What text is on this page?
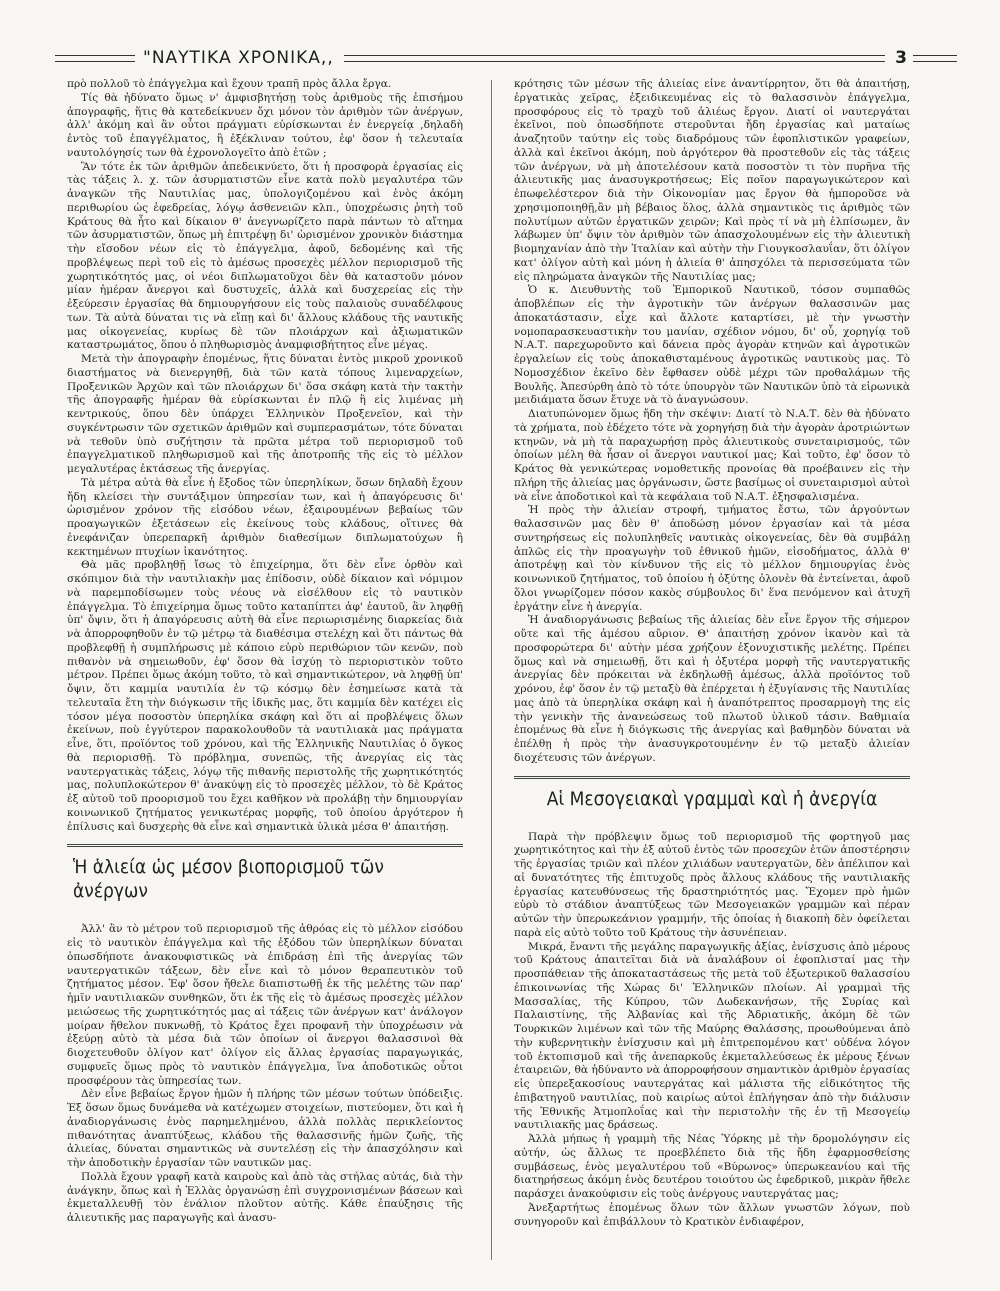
"ΝΑΥΤΙΚΑ ΧΡΟΝΙΚΑ,,	3

πρὸ πολλοῦ τὸ ἐπάγγελμα καὶ ἔχουν τραπῆ πρὸς ἄλλα ἔργα.

Τίς θὰ ἠδύνατο ὅμως ν' ἀμφισβητήσῃ τοὺς ἀριθμοὺς τῆς ἐπισήμου ἀπογραφῆς, ἥτις θὰ κατεδείκνυεν ὄχι μόνον τὸν ἀριθμὸν τῶν ἀνέργων, ἀλλ' ἀκόμη καὶ ἂν οὗτοι πράγματι εὑρίσκωνται ἐν ἐνεργείᾳ ,δηλαδὴ ἐντὸς τοῦ ἐπαγγέλματος, ἢ ἐξέκλιναν τούτου, ἐφ' ὅσον ἡ τελευταία ναυτολόγησίς των θὰ ἐχρονολογεῖτο ἀπὸ ἐτῶν ;

Ἂν τότε ἐκ τῶν ἀριθμῶν ἀπεδεικνύετο, ὅτι ἡ προσφορὰ ἐργασίας εἰς τὰς τάξεις λ. χ. τῶν ἀσυρματιστῶν εἶνε κατὰ πολὺ μεγαλυτέρα τῶν ἀναγκῶν τῆς Ναυτιλίας μας, ὑπολογιζομένου καὶ ἑνὸς ἀκόμη περιθωρίου ὡς ἐφεδρείας, λόγῳ ἀσθενειῶν κλπ., ὑποχρέωσις ῥητὴ τοῦ Κράτους θὰ ἦτο καὶ δίκαιον θ' ἀνεγνωρίζετο παρὰ πάντων τὸ αἴτημα τῶν ἀσυρματιστῶν, ὅπως μὴ ἐπιτρέψῃ δι' ὡρισμένον χρονικὸν διάστημα τὴν εἴσοδον νέων εἰς τὸ ἐπάγγελμα, ἀφοῦ, δεδομένης καὶ τῆς προβλέψεως περὶ τοῦ εἰς τὸ ἀμέσως προσεχὲς μέλλον περιορισμοῦ τῆς χωρητικότητός μας, οἱ νέοι διπλωματοῦχοι δὲν θὰ καταστοῦν μόνον μίαν ἡμέραν ἄνεργοι καὶ δυστυχεῖς, ἀλλὰ καὶ δυσχερείας εἰς τὴν ἐξεύρεσιν ἐργασίας θὰ δημιουργήσουν εἰς τοὺς παλαιοὺς συναδέλφους των. Τὰ αὐτὰ δύναται τις νὰ εἴπῃ καὶ δι' ἄλλους κλάδους τῆς ναυτικῆς μας οἰκογενείας, κυρίως δὲ τῶν πλοιάρχων καὶ ἀξιωματικῶν καταστρωμάτος, ὅπου ὁ πληθωρισμὸς ἀναμφισβήτητος εἶνε μέγας.

Μετὰ τὴν ἀπογραφὴν ἑπομένως, ἥτις δύναται ἐντὸς μικροῦ χρονικοῦ διαστήματος νὰ διενεργηθῇ, διὰ τῶν κατὰ τόπους λιμεναρχείων, Προξενικῶν Ἀρχῶν καὶ τῶν πλοιάρχων δι' ὅσα σκάφη κατὰ τὴν τακτὴν τῆς ἀπογραφῆς ἡμέραν θὰ εὑρίσκωνται ἐν πλῷ ἢ εἰς λιμένας μὴ κεντρικούς, ὅπου δὲν ὑπάρχει Ἑλληνικὸν Προξενεῖον, καὶ τὴν συγκέντρωσιν τῶν σχετικῶν ἀριθμῶν καὶ συμπερασμάτων, τότε δύναται νὰ τεθοῦν ὑπὸ συζήτησιν τὰ πρῶτα μέτρα τοῦ περιορισμοῦ τοῦ ἐπαγγελματικοῦ πληθωρισμοῦ καὶ τῆς ἀποτροπῆς τῆς εἰς τὸ μέλλον μεγαλυτέρας ἐκτάσεως τῆς ἀνεργίας.

Τὰ μέτρα αὐτὰ θὰ εἶνε ἡ ἔξοδος τῶν ὑπερηλίκων, ὅσων δηλαδὴ ἔχουν ἤδη κλείσει τὴν συντάξιμον ὑπηρεσίαν των, καὶ ἡ ἀπαγόρευσις δι' ὡρισμένον χρόνον τῆς εἰσόδου νέων, ἐξαιρουμένων βεβαίως τῶν προαγωγικῶν ἐξετάσεων εἰς ἐκείνους τοὺς κλάδους, οἵτινες θὰ ἐνεφάνιζαν ὑπερεπαρκῆ ἀριθμὸν διαθεσίμων διπλωματούχων ἢ κεκτημένων πτυχίων ἱκανότητος.

Θὰ μᾶς προβληθῇ ἴσως τὸ ἐπιχείρημα, ὅτι δὲν εἶνε ὀρθὸν καὶ σκόπιμον διὰ τὴν ναυτιλιακὴν μας ἐπίδοσιν, οὐδὲ δίκαιον καὶ νόμιμον νὰ παρεμποδίσωμεν τοὺς νέους νὰ εἰσέλθουν εἰς τὸ ναυτικὸν ἐπάγγελμα. Τὸ ἐπιχείρημα ὅμως τοῦτο καταπίπτει ἀφ' ἑαυτοῦ, ἂν ληφθῇ ὑπ' ὄψιν, ὅτι ἡ ἀπαγόρευσις αὐτὴ θὰ εἶνε περιωρισμένης διαρκείας διὰ νὰ ἀπορροφηθοῦν ἐν τῷ μέτρῳ τὰ διαθέσιμα στελέχη καὶ ὅτι πάντως θὰ προβλεφθῇ ἡ συμπλήρωσις μὲ κάποιο εὐρὺ περιθώριον τῶν κενῶν, ποὺ πιθανὸν νὰ σημειωθοῦν, ἐφ' ὅσον θὰ ἰσχύῃ τὸ περιοριστικὸν τοῦτο μέτρον. Πρέπει ὅμως ἀκόμη τοῦτο, τὸ καὶ σημαντικώτερον, νὰ ληφθῇ ὑπ' ὄψιν, ὅτι καμμία ναυτιλία ἐν τῷ κόσμῳ δὲν ἐσημείωσε κατὰ τὰ τελευταῖα ἔτη τὴν διόγκωσιν τῆς ἰδικῆς μας, ὅτι καμμία δὲν κατέχει εἰς τόσον μέγα ποσοστὸν ὑπερηλίκα σκάφη καὶ ὅτι αἱ προβλέψεις ὅλων ἐκείνων, ποὺ ἐγγύτερον παρακολουθοῦν τὰ ναυτιλιακὰ μας πράγματα εἶνε, ὅτι, προϊόντος τοῦ χρόνου, καὶ τῆς Ἑλληνικῆς Ναυτιλίας ὁ ὄγκος θὰ περιορισθῇ. Τὸ πρόβλημα, συνεπῶς, τῆς ἀνεργίας εἰς τὰς ναυτεργατικὰς τάξεις, λόγῳ τῆς πιθανῆς περιστολῆς τῆς χωρητικότητός μας, πολυπλοκώτερον θ' ἀνακύψῃ εἰς τὸ προσεχὲς μέλλον, τὸ δὲ Κράτος ἐξ αὐτοῦ τοῦ προορισμοῦ του ἔχει καθῆκον νὰ προλάβῃ τὴν δημιουργίαν κοινωνικοῦ ζητήματος γενικωτέρας μορφῆς, τοῦ ὁποίου ἀργότερον ἡ ἐπίλυσις καὶ δυσχερὴς θὰ εἶνε καὶ σημαντικὰ ὑλικὰ μέσα θ' ἀπαιτήσῃ.

Ἡ ἁλιεία ὡς μέσον βιοπορισμοῦ τῶν ἀνέργων

Ἀλλ' ἂν τὸ μέτρον τοῦ περιορισμοῦ τῆς ἀθρόας εἰς τὸ μέλλον εἰσόδου εἰς τὸ ναυτικὸν ἐπάγγελμα καὶ τῆς ἐξόδου τῶν ὑπερηλίκων δύναται ὁπωσδήποτε ἀνακουφιστικῶς νὰ ἐπιδράσῃ ἐπὶ τῆς ἀνεργίας τῶν ναυτεργατικῶν τάξεων, δὲν εἶνε καὶ τὸ μόνον θεραπευτικὸν τοῦ ζητήματος μέσον. Ἐφ' ὅσον ἤθελε διαπιστωθῇ ἐκ τῆς μελέτης τῶν παρ' ἡμῖν ναυτιλιακῶν συνθηκῶν, ὅτι ἐκ τῆς εἰς τὸ ἀμέσως προσεχὲς μέλλον μειώσεως τῆς χωρητικότητός μας αἱ τάξεις τῶν ἀνέργων κατ' ἀνάλογον μοίραν ἤθελον πυκνωθῇ, τὸ Κράτος ἔχει προφανῆ τὴν ὑποχρέωσιν νὰ ἐξεύρῃ αὐτὸ τὰ μέσα διὰ τῶν ὁποίων οἱ ἄνεργοι θαλασσινοὶ θὰ διοχετευθοῦν ὀλίγον κατ' ὀλίγον εἰς ἄλλας ἐργασίας παραγωγικάς, συμφυεῖς ὅμως πρὸς τὸ ναυτικὸν ἐπάγγελμα, ἵνα ἀποδοτικῶς οὗτοι προσφέρουν τὰς ὑπηρεσίας των.

Δὲν εἶνε βεβαίως ἔργον ἡμῶν ἡ πλήρης τῶν μέσων τούτων ὑπόδειξις. Ἐξ ὅσων ὅμως δυνάμεθα νὰ κατέχωμεν στοιχείων, πιστεύομεν, ὅτι καὶ ἡ ἀναδιοργάνωσις ἑνὸς παρημελημένου, ἀλλὰ πολλὰς περικλείοντος πιθανότητας ἀναπτύξεως, κλάδου τῆς θαλασσινῆς ἡμῶν ζωῆς, τῆς ἁλιείας, δύναται σημαντικῶς νὰ συντελέσῃ εἰς τὴν ἀπασχόλησιν καὶ τὴν ἀποδοτικὴν ἐργασίαν τῶν ναυτικῶν μας.

Πολλὰ ἔχουν γραφῆ κατὰ καιροὺς καὶ ἀπὸ τὰς στήλας αὐτάς, διὰ τὴν ἀνάγκην, ὅπως καὶ ἡ Ἑλλὰς ὀργανώσῃ ἐπὶ συγχρονισμένων βάσεων καὶ ἐκμεταλλευθῇ τὸν ἐνάλιον πλοῦτον αὐτῆς. Κάθε ἐπαύξησις τῆς ἁλιευτικῆς μας παραγωγῆς καὶ ἀνασυ-

κρότησις τῶν μέσων τῆς ἁλιείας εἶνε ἀναντίρρητον, ὅτι θὰ ἀπαιτήσῃ, ἐργατικὰς χεῖρας, ἐξειδικευμένας εἰς τὸ θαλασσινὸν ἐπάγγελμα, προσφόρους εἰς τὸ τραχὺ τοῦ ἁλιέως ἔργον. Διατί οἱ ναυτεργάται ἐκεῖνοι, ποὺ ὁπωσδήποτε στεροῦνται ἤδη ἐργασίας καὶ ματαίως ἀναζητοῦν ταύτην εἰς τοὺς διαδρόμους τῶν ἐφοπλιστικῶν γραφείων, ἀλλὰ καὶ ἐκεῖνοι ἀκόμη, ποὺ ἀργότερον θὰ προστεθοῦν εἰς τὰς τάξεις τῶν ἀνέργων, νὰ μὴ ἀποτελέσουν κατὰ ποσοστὸν τι τὸν πυρῆνα τῆς ἁλιευτικῆς μας ἀνασυγκροτήσεως; Εἰς ποῖον παραγωγικώτερον καὶ ἐπωφελέστερον διὰ τὴν Οἰκονομίαν μας ἔργον θὰ ἠμποροῦσε νὰ χρησιμοποιηθῇ,ἂν μὴ βέβαιος ὅλος, ἀλλὰ σημαντικὸς τις ἀριθμὸς τῶν πολυτίμων αὐτῶν ἐργατικῶν χειρῶν; Καὶ πρὸς τί νὰ μὴ ἐλπίσωμεν, ἂν λάβωμεν ὑπ' ὄψιν τὸν ἀριθμὸν τῶν ἀπασχολουμένων εἰς τὴν ἁλιευτικὴ βιομηχανίαν ἀπὸ τὴν Ἰταλίαν καὶ αὐτὴν τὴν Γιουγκοσλαυΐαν, ὅτι ὀλίγον κατ' ὀλίγον αὐτὴ καὶ μόνη ἡ ἁλιεία θ' ἀπησχόλει τὰ περισσεύματα τῶν εἰς πληρώματα ἀναγκῶν τῆς Ναυτιλίας μας;

Ὁ κ. Διευθυντὴς τοῦ Ἐμπορικοῦ Ναυτικοῦ, τόσον συμπαθῶς ἀποβλέπων εἰς τὴν ἀγροτικὴν τῶν ἀνέργων θαλασσινῶν μας ἀποκατάστασιν, εἶχε καὶ ἄλλοτε καταρτίσει, μὲ τὴν γνωστὴν νομοπαρασκευαστικὴν του μανίαν, σχέδιον νόμου, δι' οὗ, χορηγίᾳ τοῦ Ν.Α.Τ. παρεχωροῦντο καὶ δάνεια πρὸς ἀγορὰν κτηνῶν καὶ ἀγροτικῶν ἐργαλείων εἰς τοὺς ἀποκαθισταμένους ἀγροτικῶς ναυτικοὺς μας. Τὸ Νομοσχέδιον ἐκεῖνο δὲν ἔφθασεν οὐδὲ μέχρι τῶν προθαλάμων τῆς Βουλῆς. Ἀπεσύρθη ἀπὸ τὸ τότε ὑπουργὸν τῶν Ναυτικῶν ὑπὸ τὰ εἰρωνικὰ μειδιάματα ὅσων ἔτυχε νὰ τὸ ἀναγνώσουν.

Διατυπώνομεν ὅμως ἤδη τὴν σκέψιν: Διατί τὸ Ν.Α.Τ. δὲν θὰ ἠδύνατο τὰ χρήματα, ποὺ ἐδέχετο τότε νὰ χορηγήσῃ διὰ τὴν ἀγορὰν ἀροτριώντων κτηνῶν, νὰ μὴ τὰ παραχωρήσῃ πρὸς ἁλιευτικοὺς συνεταιρισμούς, τῶν ὁποίων μέλη θὰ ἦσαν οἱ ἄνεργοι ναυτικοί μας; Καὶ τοῦτο, ἐφ' ὅσον τὸ Κράτος θὰ γενικώτερας νομοθετικῆς προνοίας θὰ προέβαινεν εἰς τὴν πλήρη τῆς ἁλιείας μας ὀργάνωσιν, ὥστε βασίμως οἱ συνεταιρισμοὶ αὐτοὶ νὰ εἶνε ἀποδοτικοὶ καὶ τὰ κεφάλαια τοῦ Ν.Α.Τ. ἐξησφαλισμένα.

Ἡ πρὸς τὴν ἁλιείαν στροφή, τμήματος ἔστω, τῶν ἀργούντων θαλασσινῶν μας δὲν θ' ἀποδώσῃ μόνον ἐργασίαν καὶ τὰ μέσα συντηρήσεως εἰς πολυπληθεῖς ναυτικὰς οἰκογενείας, δὲν θὰ συμβάλῃ ἁπλῶς εἰς τὴν προαγωγὴν τοῦ ἐθνικοῦ ἡμῶν, εἰσοδήματος, ἀλλὰ θ' ἀποτρέψῃ καὶ τὸν κίνδυνον τῆς εἰς τὸ μέλλον δημιουργίας ἑνὸς κοινωνικοῦ ζητήματος, τοῦ ὁποίου ἡ ὀξύτης ὁλονὲν θὰ ἐντείνεται, ἀφοῦ ὅλοι γνωρίζομεν πόσον κακὸς σύμβουλος δι' ἕνα πενόμενον καὶ ἀτυχῆ ἐργάτην εἶνε ἡ ἀνεργία.

Ἡ ἀναδιοργάνωσις βεβαίως τῆς ἁλιείας δὲν εἶνε ἔργον τῆς σήμερον οὔτε καὶ τῆς ἀμέσου αὔριον. Θ' ἀπαιτήσῃ χρόνον ἱκανὸν καὶ τὰ προσφορώτερα δι' αὐτὴν μέσα χρήζουν ἐξονυχιστικῆς μελέτης. Πρέπει ὅμως καὶ νὰ σημειωθῇ, ὅτι καὶ ἡ ὀξυτέρα μορφὴ τῆς ναυτεργατικῆς ἀνεργίας δὲν πρόκειται νὰ ἐκδηλωθῇ ἀμέσως, ἀλλὰ προϊόντος τοῦ χρόνου, ἐφ' ὅσον ἐν τῷ μεταξὺ θὰ ἐπέρχεται ἡ ἐξυγίανσις τῆς Ναυτιλίας μας ἀπὸ τὰ ὑπερηλίκα σκάφη καὶ ἡ ἀναπότρεπτος προσαρμογὴ της εἰς τὴν γενικὴν τῆς ἀνανεώσεως τοῦ πλωτοῦ ὑλικοῦ τάσιν. Βαθμιαία ἑπομένως θὰ εἶνε ἡ διόγκωσις τῆς ἀνεργίας καὶ βαθμηδὸν δύναται νὰ ἐπέλθῃ ἡ πρὸς τὴν ἀνασυγκροτουμένην ἐν τῷ μεταξὺ ἁλιείαν διοχέτευσις τῶν ἀνέργων.

Αἱ Μεσογειακαὶ γραμμαὶ καὶ ἡ ἀνεργία

Παρὰ τὴν πρόβλεψιν ὅμως τοῦ περιορισμοῦ τῆς φορτηγοῦ μας χωρητικότητος καὶ τὴν ἐξ αὐτοῦ ἐντὸς τῶν προσεχῶν ἐτῶν ἀποστέρησιν τῆς ἐργασίας τριῶν καὶ πλέον χιλιάδων ναυτεργατῶν, δὲν ἀπέλιπον καὶ αἱ δυνατότητες τῆς ἐπιτυχοῦς πρὸς ἄλλους κλάδους τῆς ναυτιλιακῆς ἐργασίας κατευθύνσεως τῆς δραστηριότητός μας. Ἔχομεν πρὸ ἡμῶν εὐρὺ τὸ στάδιον ἀναπτύξεως τῶν Μεσογειακῶν γραμμῶν καὶ πέραν αὐτῶν τὴν ὑπερωκεάνιον γραμμήν, τῆς ὁποίας ἡ διακοπὴ δὲν ὀφείλεται παρὰ εἰς αὐτὸ τοῦτο τοῦ Κράτους τὴν ἀσυνέπειαν.

Μικρά, ἔναντι τῆς μεγάλης παραγωγικῆς ἀξίας, ἐνίσχυσις ἀπὸ μέρους τοῦ Κράτους ἀπαιτεῖται διὰ νὰ ἀναλάβουν οἱ ἐφοπλισταί μας τὴν προσπάθειαν τῆς ἀποκαταστάσεως τῆς μετὰ τοῦ ἐξωτερικοῦ θαλασσίου ἐπικοινωνίας τῆς Χώρας δι' Ἑλληνικῶν πλοίων. Αἱ γραμμαὶ τῆς Μασσαλίας, τῆς Κύπρου, τῶν Δωδεκανήσων, τῆς Συρίας καὶ Παλαιστίνης, τῆς Ἀλβανίας καὶ τῆς Ἀδριατικῆς, ἀκόμη δὲ τῶν Τουρκικῶν λιμένων καὶ τῶν τῆς Μαύρης Θαλάσσης, προωθούμεναι ἀπὸ τὴν κυβερνητικὴν ἐνίσχυσιν καὶ μὴ ἐπιτρεπομένου κατ' οὐδένα λόγον τοῦ ἐκτοπισμοῦ καὶ τῆς ἀνεπαρκοῦς ἐκμεταλλεύσεως ἐκ μέρους ξένων ἐταιρειῶν, θὰ ἠδύναντο νὰ ἀπορροφήσουν σημαντικὸν ἀριθμὸν ἐργασίας εἰς ὑπερεξακοσίους ναυτεργάτας καὶ μάλιστα τῆς εἰδικότητος τῆς ἐπιβατηγοῦ ναυτιλίας, ποὺ καιρίως αὐτοὶ ἐπλήγησαν ἀπὸ τὴν διάλυσιν τῆς Ἐθνικῆς Ἀτμοπλοΐας καὶ τὴν περιστολὴν τῆς ἐν τῇ Μεσογείῳ ναυτιλιακῆς μας δράσεως.

Ἀλλὰ μήπως ἡ γραμμὴ τῆς Νέας Ὑόρκης μὲ τὴν δρομολόγησιν εἰς αὐτήν, ὡς ἄλλως τε προεβλέπετο διὰ τῆς ἤδη ἐφαρμοσθείσης συμβάσεως, ἑνὸς μεγαλυτέρου τοῦ «Βύρωνος» ὑπερωκεανίου καὶ τῆς διατηρήσεως ἀκόμη ἑνὸς δευτέρου τοιούτου ὡς ἐφεδρικοῦ, μικρὰν ἤθελε παράσχει ἀνακούφισιν εἰς τοὺς ἀνέργους ναυτεργάτας μας;

Ἀνεξαρτήτως ἑπομένως ὅλων τῶν ἄλλων γνωστῶν λόγων, ποὺ συνηγοροῦν καὶ ἐπιβάλλουν τὸ Κρατικὸν ἐνδιαφέρον,
